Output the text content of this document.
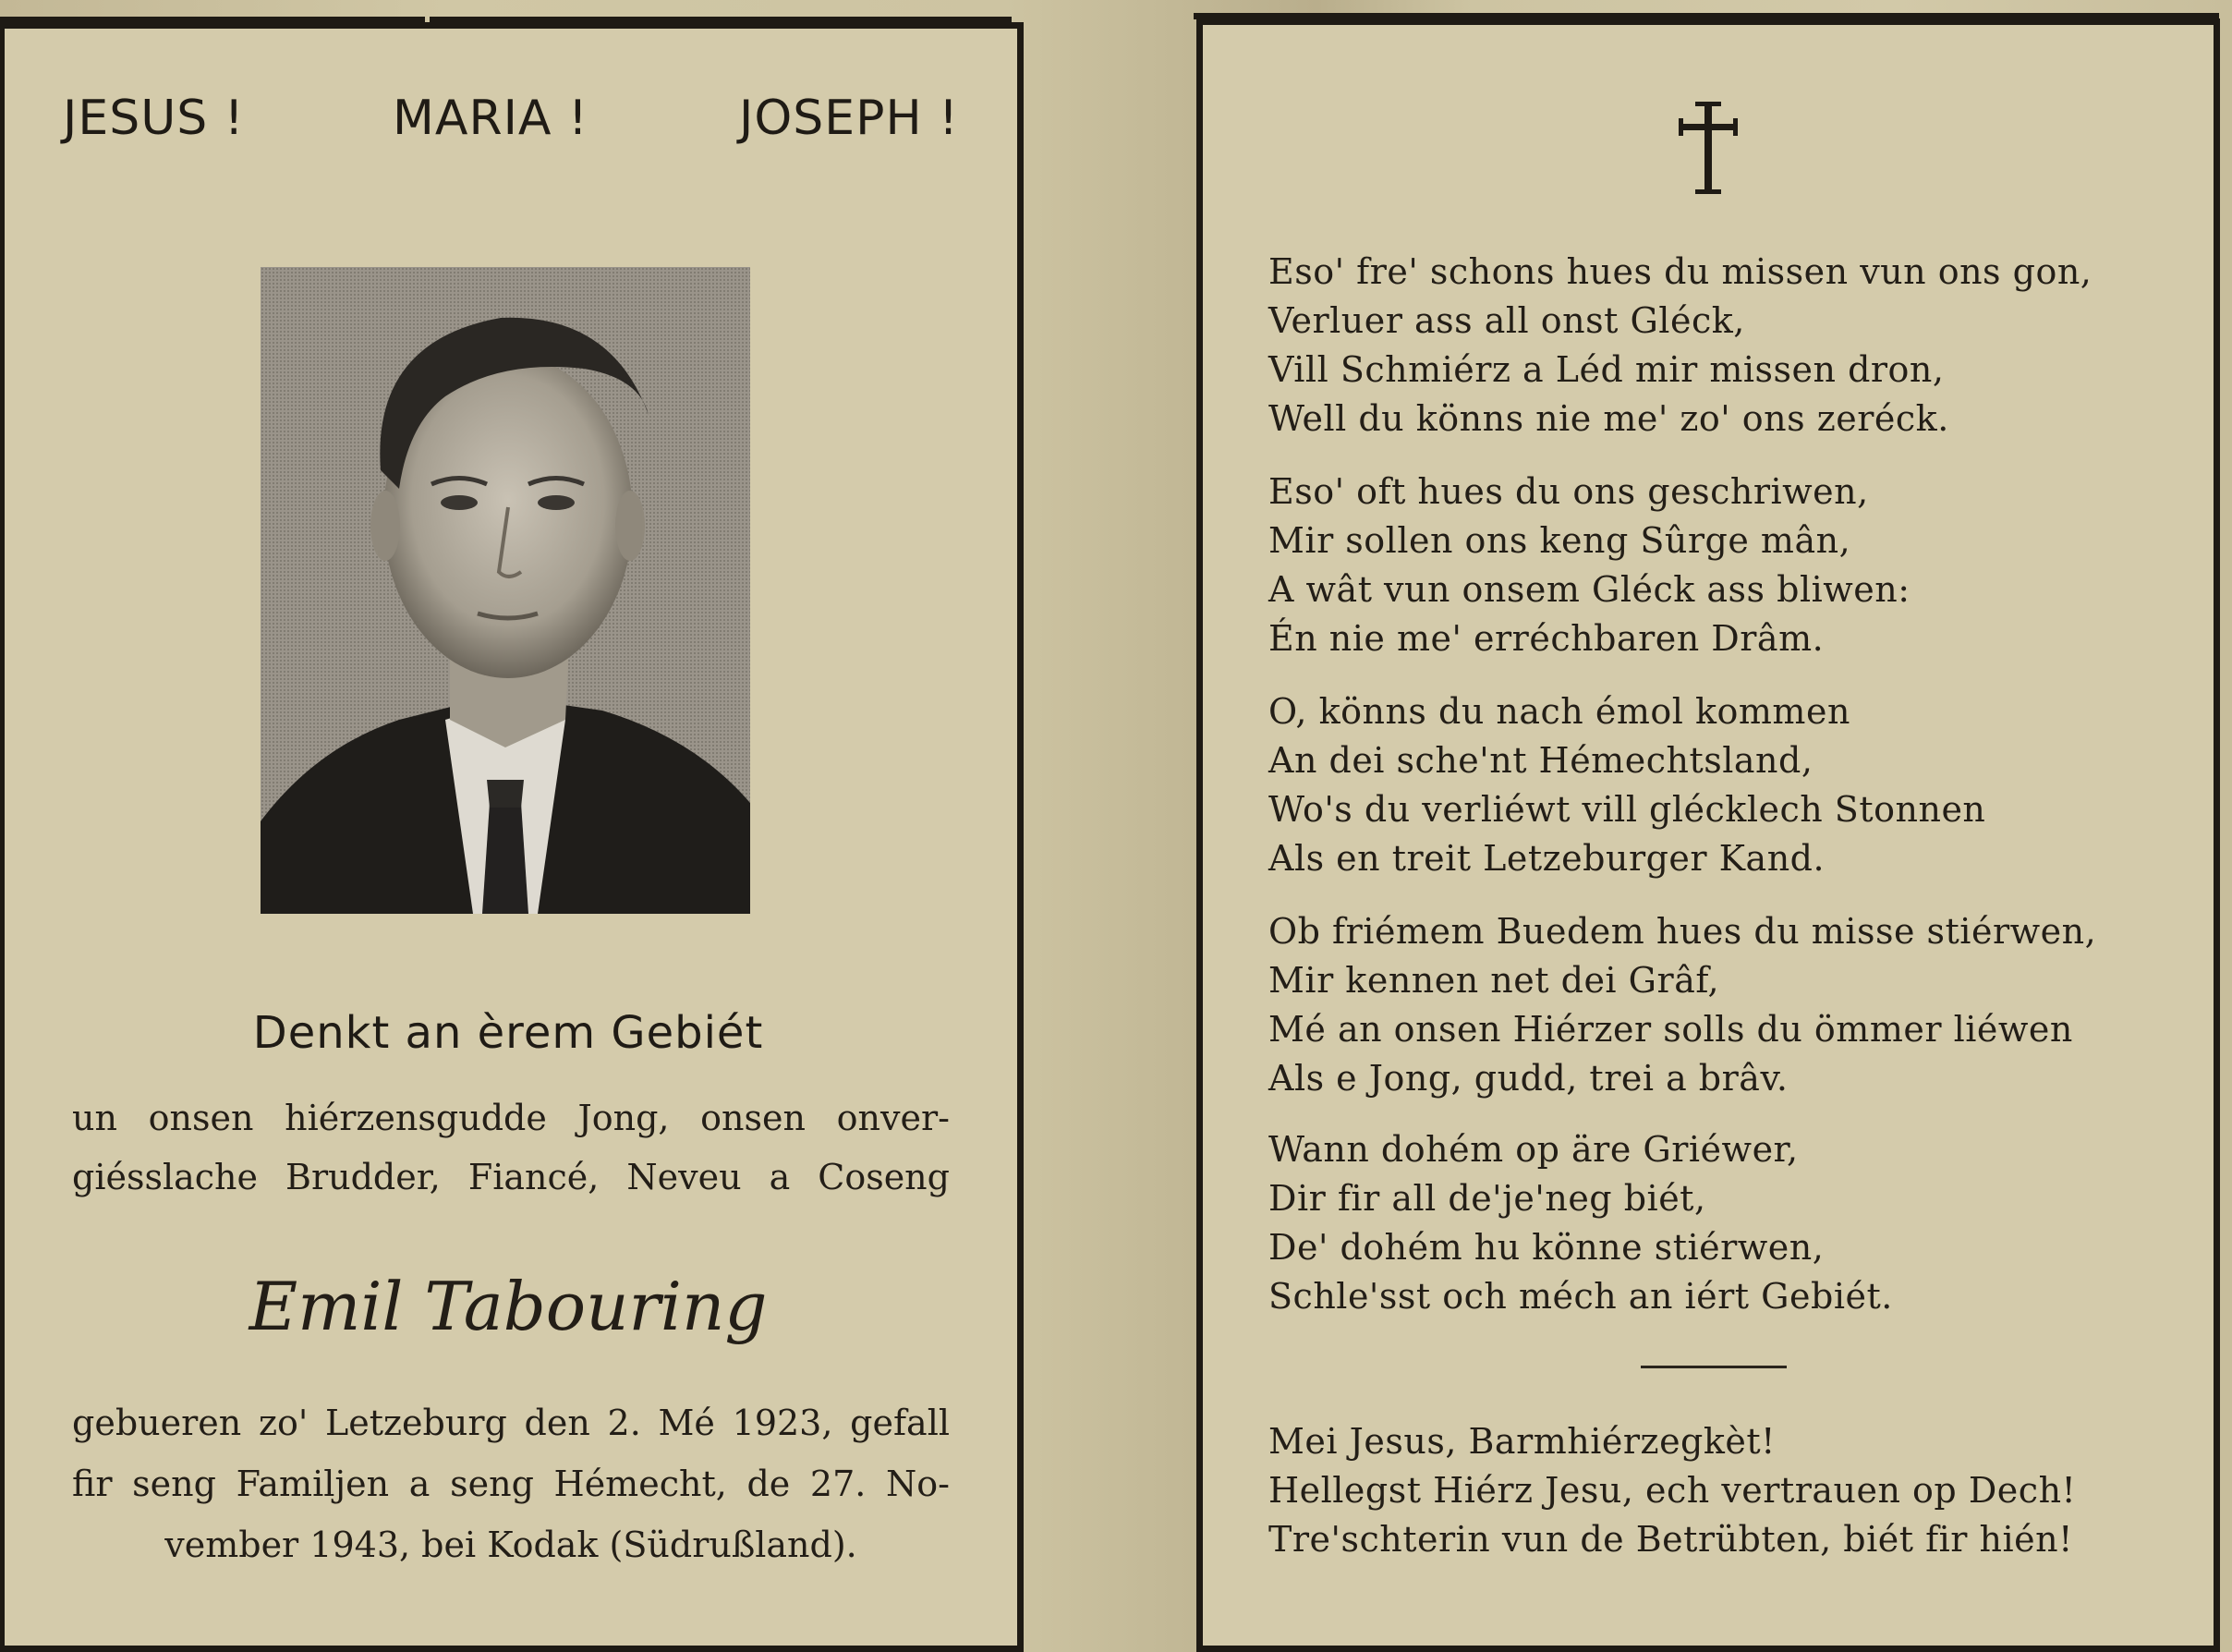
JESUS !	MARIA !	JOSEPH !
Denkt an èrem Gebiét
un onsen hiérzensgudde Jong, onsen onver-
giésslache Brudder, Fiancé, Neveu a Coseng
Emil Tabouring
gebueren zo' Letzeburg den 2. Mé 1923, gefall
fir seng Familjen a seng Hémecht, de 27. No-
vember 1943, bei Kodak (Südrußland).
Eso' fre' schons hues du missen vun ons gon,
Verluer ass all onst Gléck,
Vill Schmiérz a Léd mir missen dron,
Well du könns nie me' zo' ons zeréck.
Eso' oft hues du ons geschriwen,
Mir sollen ons keng Sûrge mân,
A wât vun onsem Gléck ass bliwen:
Én nie me' erréchbaren Drâm.
O, könns du nach émol kommen
An dei sche'nt Hémechtsland,
Wo's du verliéwt vill glécklech Stonnen
Als en treit Letzeburger Kand.
Ob friémem Buedem hues du misse stiérwen,
Mir kennen net dei Grâf,
Mé an onsen Hiérzer solls du ömmer liéwen
Als e Jong, gudd, trei a brâv.
Wann dohém op äre Griéwer,
Dir fir all de'je'neg biét,
De' dohém hu könne stiérwen,
Schle'sst och méch an iért Gebiét.
Mei Jesus, Barmhiérzegkèt!
Hellegst Hiérz Jesu, ech vertrauen op Dech!
Tre'schterin vun de Betrübten, biét fir hién!
